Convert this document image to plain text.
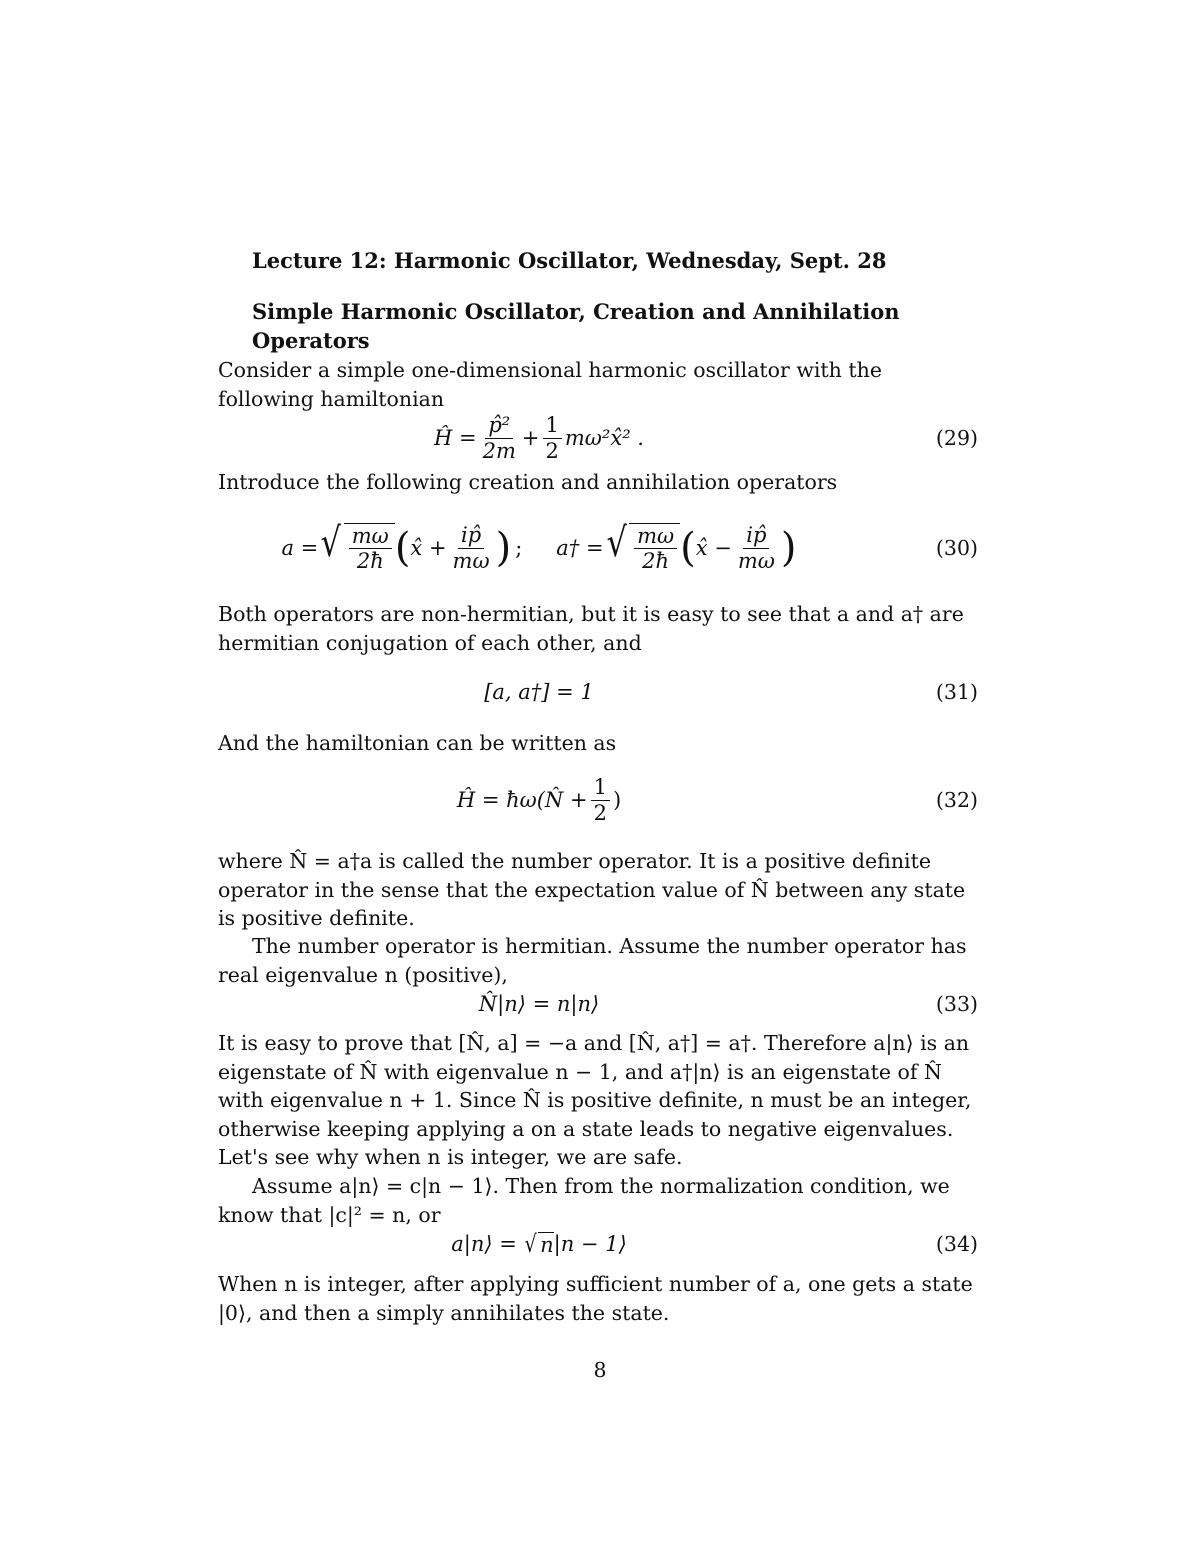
Lecture 12: Harmonic Oscillator, Wednesday, Sept. 28
Simple Harmonic Oscillator, Creation and Annihilation Operators
Consider a simple one-dimensional harmonic oscillator with the following hamiltonian
Ĥ = $\frac{\text{p̂²}}{2m} + \frac{1}{2}$ mω²x̂² .	(29)
Introduce the following creation and annihilation operators
a = √ $\frac{m\omega}{2ħ}$ ( x̂ + $\frac{ip̂}{m\omega}$ ) ; a† = √ $\frac{m\omega}{2ħ}$ ( x̂ − $\frac{ip̂}{m\omega}$ )	(30)
Both operators are non-hermitian, but it is easy to see that a and a† are hermitian conjugation of each other, and
[a, a†] = 1	(31)
And the hamiltonian can be written as
Ĥ = ħω(N̂ + $\frac{1}{2}$ )	(32)
where N̂ = a†a is called the number operator. It is a positive definite operator in the sense that the expectation value of N̂ between any state is positive definite.
The number operator is hermitian. Assume the number operator has real eigenvalue n (positive),
N̂|n⟩ = n|n⟩	(33)
It is easy to prove that [N̂, a] = −a and [N̂, a†] = a†. Therefore a|n⟩ is an eigenstate of N̂ with eigenvalue n − 1, and a†|n⟩ is an eigenstate of N̂ with eigenvalue n + 1. Since N̂ is positive definite, n must be an integer, otherwise keeping applying a on a state leads to negative eigenvalues. Let's see why when n is integer, we are safe.
Assume a|n⟩ = c|n − 1⟩. Then from the normalization condition, we know that |c|² = n, or
a|n⟩ = √ n |n − 1⟩	(34)
When n is integer, after applying sufficient number of a, one gets a state |0⟩, and then a simply annihilates the state.
8
